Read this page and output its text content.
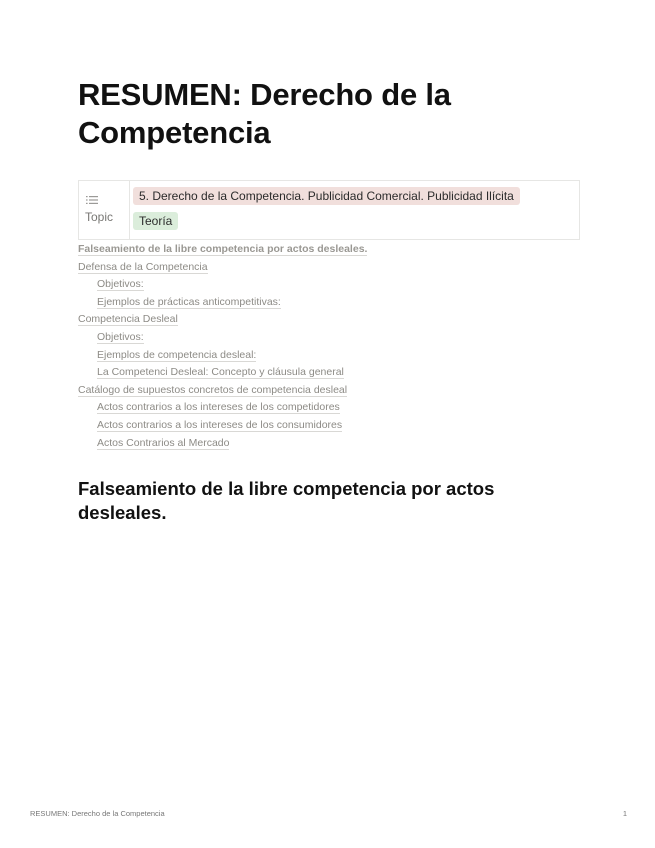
RESUMEN: Derecho de la Competencia
Topic
5. Derecho de la Competencia. Publicidad Comercial. Publicidad Ilícita
Teoría
Falseamiento de la libre competencia por actos desleales.
Defensa de la Competencia
Objetivos:
Ejemplos de prácticas anticompetitivas:
Competencia Desleal
Objetivos:
Ejemplos de competencia desleal:
La Competenci Desleal: Concepto y cláusula general
Catálogo de supuestos concretos de competencia desleal
Actos contrarios a los intereses de los competidores
Actos contrarios a los intereses de los consumidores
Actos Contrarios al Mercado
Falseamiento de la libre competencia por actos desleales.
RESUMEN: Derecho de la Competencia	1
